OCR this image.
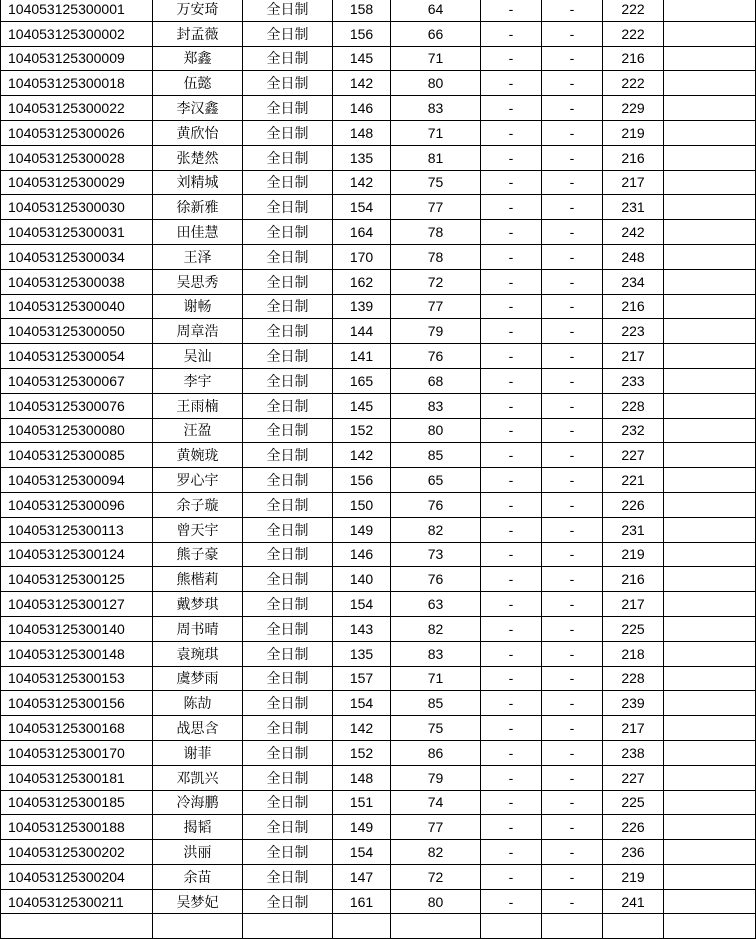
104053125300001	万安琦	全日制	158	64	-	-	222	
104053125300002	封孟薇	全日制	156	66	-	-	222	
104053125300009	郑鑫	全日制	145	71	-	-	216	
104053125300018	伍懿	全日制	142	80	-	-	222	
104053125300022	李汉鑫	全日制	146	83	-	-	229	
104053125300026	黄欣怡	全日制	148	71	-	-	219	
104053125300028	张楚然	全日制	135	81	-	-	216	
104053125300029	刘精城	全日制	142	75	-	-	217	
104053125300030	徐新雅	全日制	154	77	-	-	231	
104053125300031	田佳慧	全日制	164	78	-	-	242	
104053125300034	王泽	全日制	170	78	-	-	248	
104053125300038	吴思秀	全日制	162	72	-	-	234	
104053125300040	谢畅	全日制	139	77	-	-	216	
104053125300050	周章浩	全日制	144	79	-	-	223	
104053125300054	吴汕	全日制	141	76	-	-	217	
104053125300067	李宇	全日制	165	68	-	-	233	
104053125300076	王雨楠	全日制	145	83	-	-	228	
104053125300080	汪盈	全日制	152	80	-	-	232	
104053125300085	黄婉珑	全日制	142	85	-	-	227	
104053125300094	罗心宇	全日制	156	65	-	-	221	
104053125300096	余子璇	全日制	150	76	-	-	226	
104053125300113	曾天宇	全日制	149	82	-	-	231	
104053125300124	熊子豪	全日制	146	73	-	-	219	
104053125300125	熊楷莉	全日制	140	76	-	-	216	
104053125300127	戴梦琪	全日制	154	63	-	-	217	
104053125300140	周书晴	全日制	143	82	-	-	225	
104053125300148	袁琬琪	全日制	135	83	-	-	218	
104053125300153	虞梦雨	全日制	157	71	-	-	228	
104053125300156	陈劼	全日制	154	85	-	-	239	
104053125300168	战思含	全日制	142	75	-	-	217	
104053125300170	谢菲	全日制	152	86	-	-	238	
104053125300181	邓凯兴	全日制	148	79	-	-	227	
104053125300185	冷海鹏	全日制	151	74	-	-	225	
104053125300188	揭韬	全日制	149	77	-	-	226	
104053125300202	洪丽	全日制	154	82	-	-	236	
104053125300204	余苗	全日制	147	72	-	-	219	
104053125300211	吴梦妃	全日制	161	80	-	-	241	
